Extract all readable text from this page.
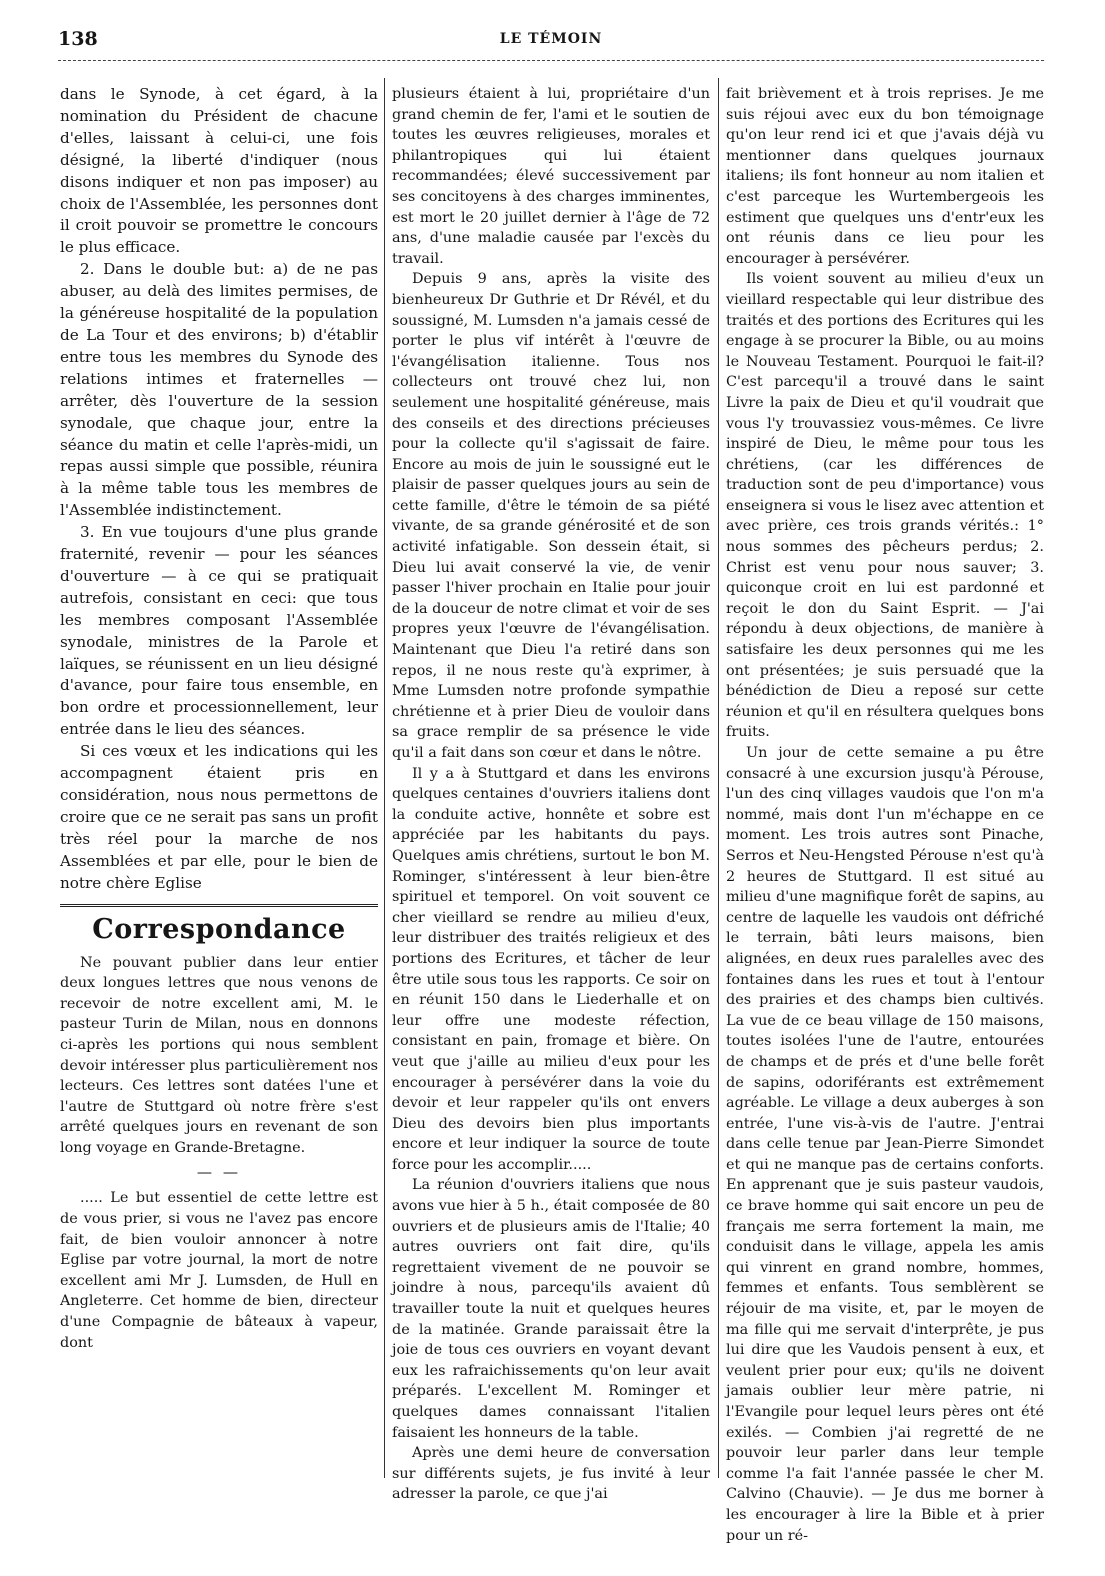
138	LE TÉMOIN

dans le Synode, à cet égard, à la nomination du Président de chacune d'elles, laissant à celui-ci, une fois désigné, la liberté d'indiquer (nous disons indiquer et non pas imposer) au choix de l'Assemblée, les personnes dont il croit pouvoir se promettre le concours le plus efficace.

2. Dans le double but: a) de ne pas abuser, au delà des limites permises, de la généreuse hospitalité de la population de La Tour et des environs; b) d'établir entre tous les membres du Synode des relations intimes et fraternelles — arrêter, dès l'ouverture de la session synodale, que chaque jour, entre la séance du matin et celle l'après-midi, un repas aussi simple que possible, réunira à la même table tous les membres de l'Assemblée indistinctement.

3. En vue toujours d'une plus grande fraternité, revenir — pour les séances d'ouverture — à ce qui se pratiquait autrefois, consistant en ceci: que tous les membres composant l'Assemblée synodale, ministres de la Parole et laïques, se réunissent en un lieu désigné d'avance, pour faire tous ensemble, en bon ordre et processionnellement, leur entrée dans le lieu des séances.

Si ces vœux et les indications qui les accompagnent étaient pris en considération, nous nous permettons de croire que ce ne serait pas sans un profit très réel pour la marche de nos Assemblées et par elle, pour le bien de notre chère Eglise

Correspondance

Ne pouvant publier dans leur entier deux longues lettres que nous venons de recevoir de notre excellent ami, M. le pasteur Turin de Milan, nous en donnons ci-après les portions qui nous semblent devoir intéresser plus particulièrement nos lecteurs. Ces lettres sont datées l'une et l'autre de Stuttgard où notre frère s'est arrêté quelques jours en revenant de son long voyage en Grande-Bretagne.

— —

..... Le but essentiel de cette lettre est de vous prier, si vous ne l'avez pas encore fait, de bien vouloir annoncer à notre Eglise par votre journal, la mort de notre excellent ami Mr J. Lumsden, de Hull en Angleterre. Cet homme de bien, directeur d'une Compagnie de bâteaux à vapeur, dont

plusieurs étaient à lui, propriétaire d'un grand chemin de fer, l'ami et le soutien de toutes les œuvres religieuses, morales et philantropiques qui lui étaient recommandées; élevé successivement par ses concitoyens à des charges imminentes, est mort le 20 juillet dernier à l'âge de 72 ans, d'une maladie causée par l'excès du travail.

Depuis 9 ans, après la visite des bienheureux Dr Guthrie et Dr Révél, et du soussigné, M. Lumsden n'a jamais cessé de porter le plus vif intérêt à l'œuvre de l'évangélisation italienne. Tous nos collecteurs ont trouvé chez lui, non seulement une hospitalité généreuse, mais des conseils et des directions précieuses pour la collecte qu'il s'agissait de faire. Encore au mois de juin le soussigné eut le plaisir de passer quelques jours au sein de cette famille, d'être le témoin de sa piété vivante, de sa grande générosité et de son activité infatigable. Son dessein était, si Dieu lui avait conservé la vie, de venir passer l'hiver prochain en Italie pour jouir de la douceur de notre climat et voir de ses propres yeux l'œuvre de l'évangélisation. Maintenant que Dieu l'a retiré dans son repos, il ne nous reste qu'à exprimer, à Mme Lumsden notre profonde sympathie chrétienne et à prier Dieu de vouloir dans sa grace remplir de sa présence le vide qu'il a fait dans son cœur et dans le nôtre.

Il y a à Stuttgard et dans les environs quelques centaines d'ouvriers italiens dont la conduite active, honnête et sobre est appréciée par les habitants du pays. Quelques amis chrétiens, surtout le bon M. Rominger, s'intéressent à leur bien-être spirituel et temporel. On voit souvent ce cher vieillard se rendre au milieu d'eux, leur distribuer des traités religieux et des portions des Ecritures, et tâcher de leur être utile sous tous les rapports. Ce soir on en réunit 150 dans le Liederhalle et on leur offre une modeste réfection, consistant en pain, fromage et bière. On veut que j'aille au milieu d'eux pour les encourager à persévérer dans la voie du devoir et leur rappeler qu'ils ont envers Dieu des devoirs bien plus importants encore et leur indiquer la source de toute force pour les accomplir.....

La réunion d'ouvriers italiens que nous avons vue hier à 5 h., était composée de 80 ouvriers et de plusieurs amis de l'Italie; 40 autres ouvriers ont fait dire, qu'ils regrettaient vivement de ne pouvoir se joindre à nous, parcequ'ils avaient dû travailler toute la nuit et quelques heures de la matinée. Grande paraissait être la joie de tous ces ouvriers en voyant devant eux les rafraichissements qu'on leur avait préparés. L'excellent M. Rominger et quelques dames connaissant l'italien faisaient les honneurs de la table.

Après une demi heure de conversation sur différents sujets, je fus invité à leur adresser la parole, ce que j'ai

fait brièvement et à trois reprises. Je me suis réjoui avec eux du bon témoignage qu'on leur rend ici et que j'avais déjà vu mentionner dans quelques journaux italiens; ils font honneur au nom italien et c'est parceque les Wurtembergeois les estiment que quelques uns d'entr'eux les ont réunis dans ce lieu pour les encourager à persévérer.

Ils voient souvent au milieu d'eux un vieillard respectable qui leur distribue des traités et des portions des Ecritures qui les engage à se procurer la Bible, ou au moins le Nouveau Testament. Pourquoi le fait-il? C'est parcequ'il a trouvé dans le saint Livre la paix de Dieu et qu'il voudrait que vous l'y trouvassiez vous-mêmes. Ce livre inspiré de Dieu, le même pour tous les chrétiens, (car les différences de traduction sont de peu d'importance) vous enseignera si vous le lisez avec attention et avec prière, ces trois grands vérités.: 1° nous sommes des pêcheurs perdus; 2. Christ est venu pour nous sauver; 3. quiconque croit en lui est pardonné et reçoit le don du Saint Esprit. — J'ai répondu à deux objections, de manière à satisfaire les deux personnes qui me les ont présentées; je suis persuadé que la bénédiction de Dieu a reposé sur cette réunion et qu'il en résultera quelques bons fruits.

Un jour de cette semaine a pu être consacré à une excursion jusqu'à Pérouse, l'un des cinq villages vaudois que l'on m'a nommé, mais dont l'un m'échappe en ce moment. Les trois autres sont Pinache, Serros et Neu-Hengsted Pérouse n'est qu'à 2 heures de Stuttgard. Il est situé au milieu d'une magnifique forêt de sapins, au centre de laquelle les vaudois ont défriché le terrain, bâti leurs maisons, bien alignées, en deux rues paralelles avec des fontaines dans les rues et tout à l'entour des prairies et des champs bien cultivés. La vue de ce beau village de 150 maisons, toutes isolées l'une de l'autre, entourées de champs et de prés et d'une belle forêt de sapins, odoriférants est extrêmement agréable. Le village a deux auberges à son entrée, l'une vis-à-vis de l'autre. J'entrai dans celle tenue par Jean-Pierre Simondet et qui ne manque pas de certains conforts. En apprenant que je suis pasteur vaudois, ce brave homme qui sait encore un peu de français me serra fortement la main, me conduisit dans le village, appela les amis qui vinrent en grand nombre, hommes, femmes et enfants. Tous semblèrent se réjouir de ma visite, et, par le moyen de ma fille qui me servait d'interprête, je pus lui dire que les Vaudois pensent à eux, et veulent prier pour eux; qu'ils ne doivent jamais oublier leur mère patrie, ni l'Evangile pour lequel leurs pères ont été exilés. — Combien j'ai regretté de ne pouvoir leur parler dans leur temple comme l'a fait l'année passée le cher M. Calvino (Chauvie). — Je dus me borner à les encourager à lire la Bible et à prier pour un ré-
